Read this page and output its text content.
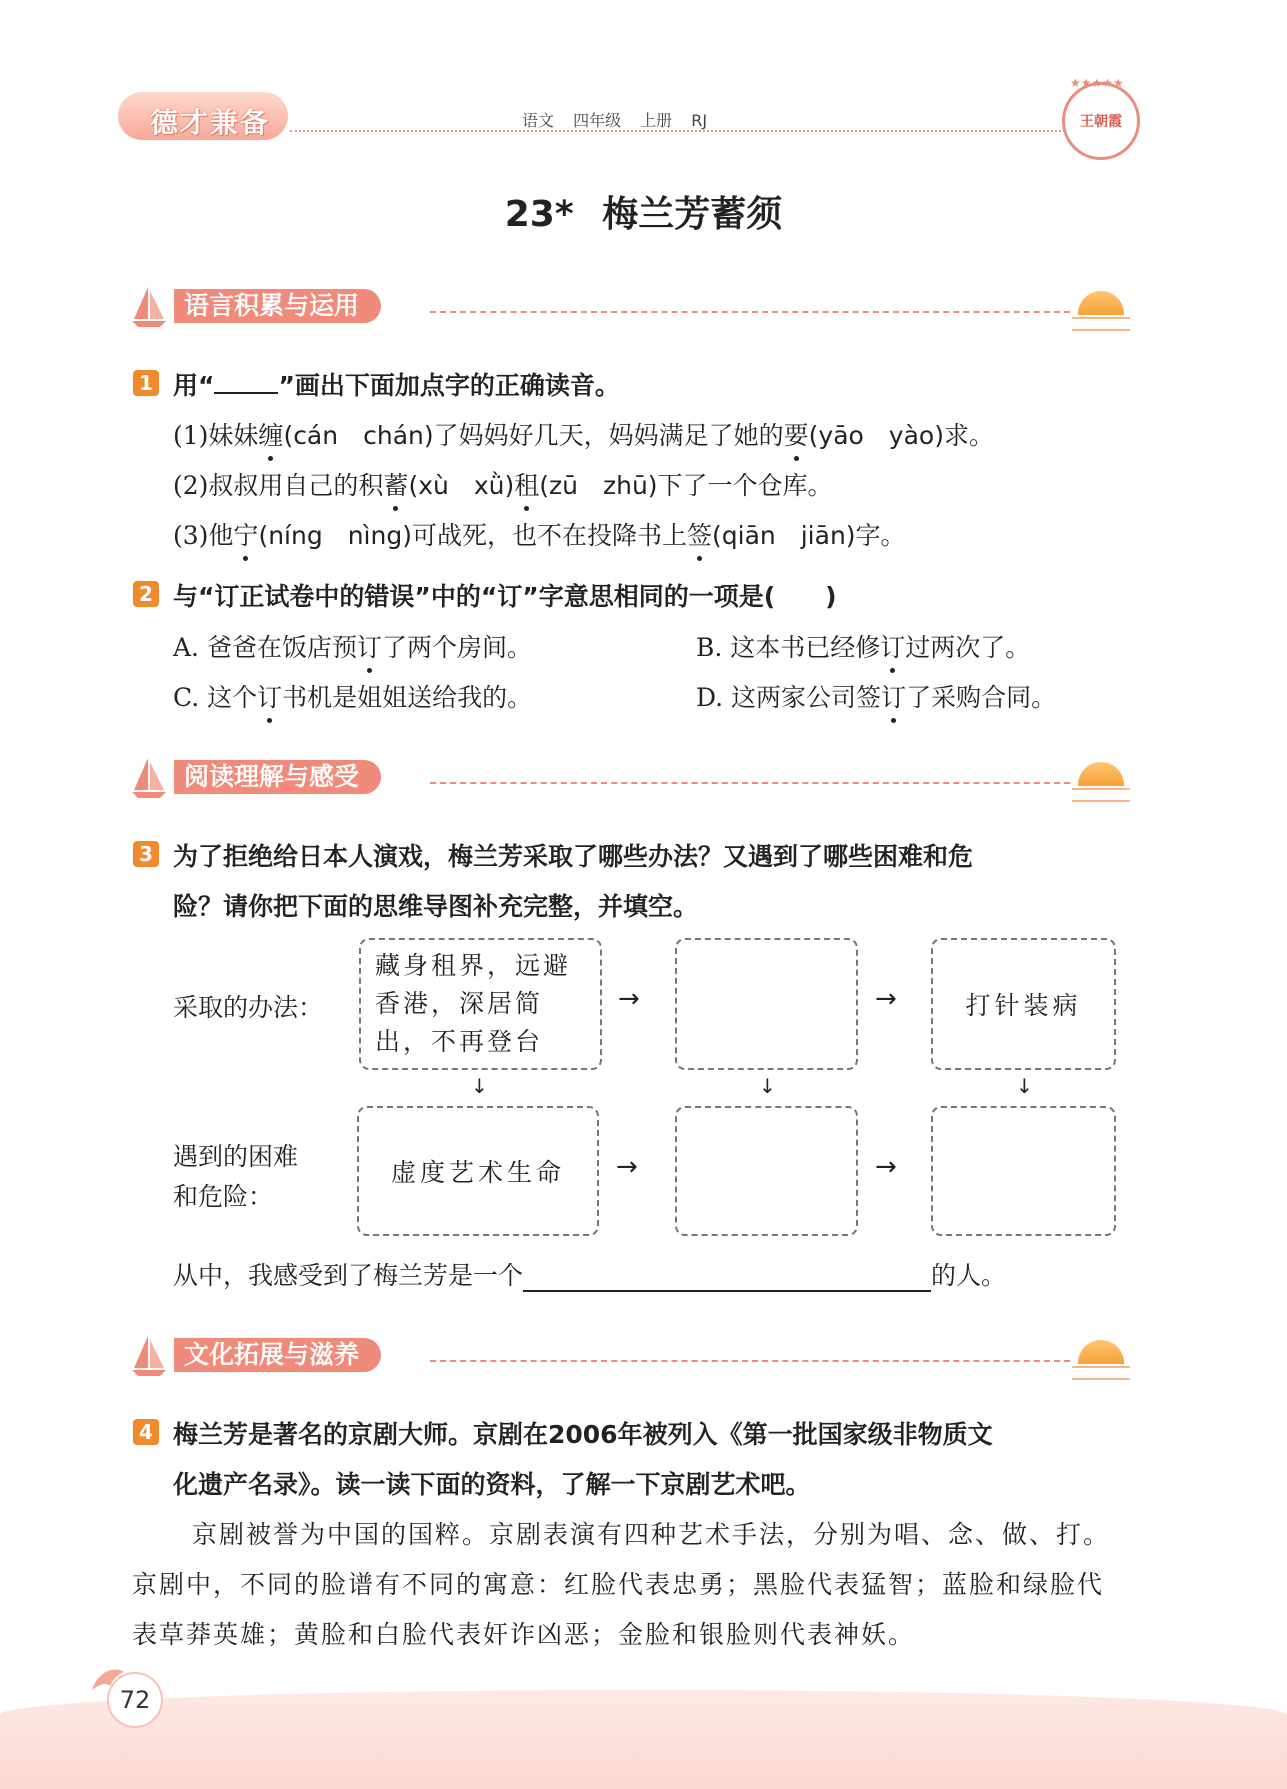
德才兼备	语文 四年级 上册 RJ
★★★★★
王朝霞
23* 梅兰芳蓄须
语言积累与运用
1 用“	”画出下面加点字的正确读音。
(1)妹妹缠(cán　chán)了妈妈好几天，妈妈满足了她的要(yāo　yào)求。
(2)叔叔用自己的积蓄(xù　xǜ)租(zū　zhū)下了一个仓库。
(3)他宁(níng　nìng)可战死，也不在投降书上签(qiān　jiān)字。
2 与“订正试卷中的错误”中的“订”字意思相同的一项是(　　)
A. 爸爸在饭店预订了两个房间。	B. 这本书已经修订过两次了。
C. 这个订书机是姐姐送给我的。	D. 这两家公司签订了采购合同。
阅读理解与感受
3 为了拒绝给日本人演戏，梅兰芳采取了哪些办法？又遇到了哪些困难和危
险？请你把下面的思维导图补充完整，并填空。
采取的办法：
遇到的困难
和危险：
藏身租界，远避香港，深居简出，不再登台
→	→	打针装病
↓	↓	↓
虚度艺术生命	→	→
从中，我感受到了梅兰芳是一个	的人。
文化拓展与滋养
4 梅兰芳是著名的京剧大师。京剧在2006年被列入《第一批国家级非物质文
化遗产名录》。读一读下面的资料，了解一下京剧艺术吧。
京剧被誉为中国的国粹。京剧表演有四种艺术手法，分别为唱、念、做、打。
京剧中，不同的脸谱有不同的寓意：红脸代表忠勇；黑脸代表猛智；蓝脸和绿脸代
表草莽英雄；黄脸和白脸代表奸诈凶恶；金脸和银脸则代表神妖。
72
